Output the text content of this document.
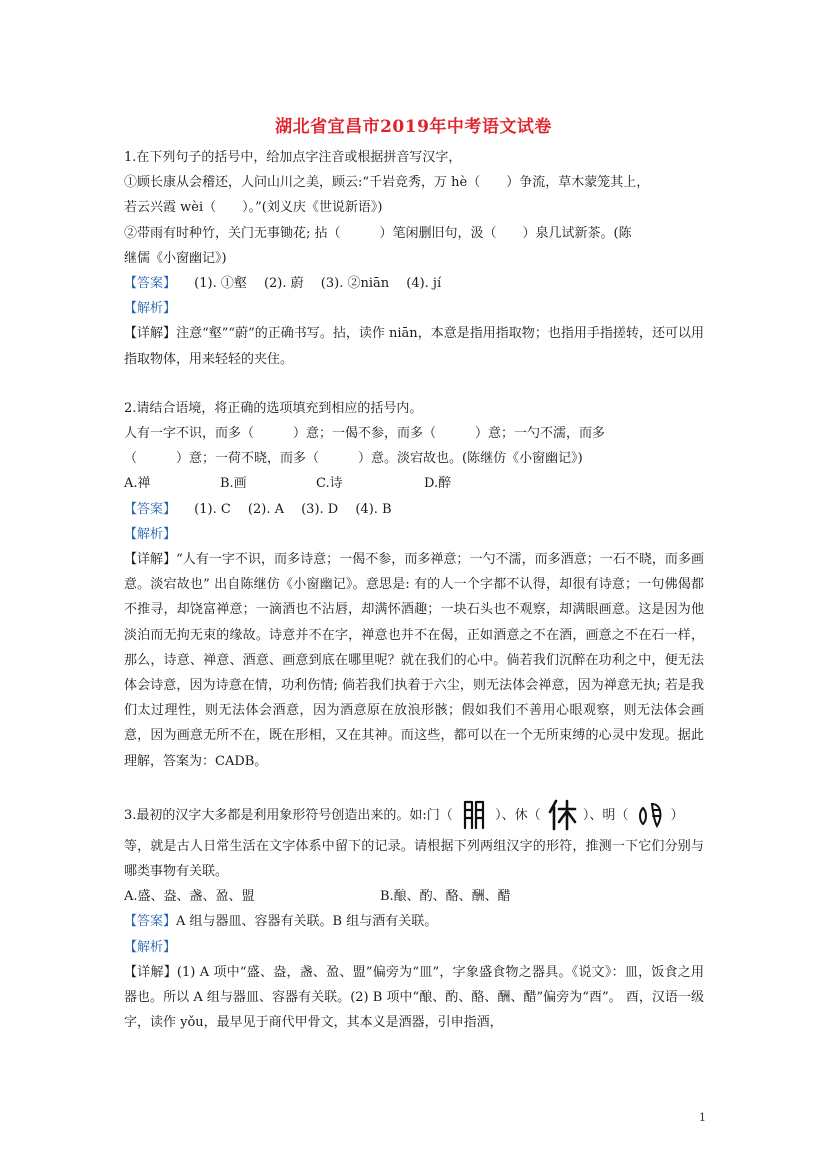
湖北省宜昌市2019年中考语文试卷

1.在下列句子的括号中，给加点字注音或根据拼音写汉字，

①顾长康从会稽还，人问山川之美，顾云:“千岩竞秀，万 hè（　　）争流，草木蒙笼其上，

若云兴霞 wèi（　　）。”(刘义庆《世说新语》)

②带雨有时种竹，关门无事锄花; 拈（　　　）笔闲删旧句，汲（　　）泉几试新茶。(陈

继儒《小窗幽记》)

【答案】 (1). ①壑　 (2). 蔚　 (3). ②niān　 (4). jí

【解析】

【详解】注意“壑”“蔚”的正确书写。拈，读作 niān，本意是指用指取物；也指用手指搓转，还可以用指取物体，用来轻轻的夹住。

2.请结合语境，将正确的选项填充到相应的括号内。

人有一字不识，而多（　　　）意；一偈不参，而多（　　　）意；一勺不濡，而多

（　　　）意；一荷不晓，而多（　　　）意。淡宕故也。(陈继仿《小窗幽记》)

A.禅	B.画	C.诗	D.醉

【答案】 (1). C　 (2). A　 (3). D　 (4). B

【解析】

【详解】“人有一字不识，而多诗意；一偈不参，而多禅意；一勺不濡，而多酒意；一石不晓，而多画意。淡宕故也” 出自陈继仿《小窗幽记》。意思是: 有的人一个字都不认得，却很有诗意；一句佛偈都不推寻，却饶富禅意；一滴酒也不沾唇，却满怀酒趣；一块石头也不观察，却满眼画意。这是因为他淡泊而无拘无束的缘故。诗意并不在字，禅意也并不在偈，正如酒意之不在酒，画意之不在石一样，那么，诗意、禅意、酒意、画意到底在哪里呢？就在我们的心中。倘若我们沉醉在功利之中，便无法体会诗意，因为诗意在情，功利伤情; 倘若我们执着于六尘，则无法体会禅意，因为禅意无执; 若是我们太过理性，则无法体会酒意，因为酒意原在放浪形骸；假如我们不善用心眼观察，则无法体会画意，因为画意无所不在，既在形相，又在其神。而这些，都可以在一个无所束缚的心灵中发现。据此理解，答案为：CADB。

3.最初的汉字大多都是利用象形符号创造出来的。如:门（	）、休（	）、明（	）

等，就是古人日常生活在文字体系中留下的记录。请根据下列两组汉字的形符，推测一下它们分别与哪类事物有关联。

A.盛、盎、盏、盈、盟	B.酿、酌、酪、酬、醋

【答案】A 组与器皿、容器有关联。B 组与酒有关联。

【解析】

【详解】(1) A 项中“盛、盎，盏、盈、盟”偏旁为“皿”，字象盛食物之器具。《说文》：皿，饭食之用器也。所以 A 组与器皿、容器有关联。(2) B 项中“酿、酌、酪、酬、醋”偏旁为“酉”。 酉，汉语一级字，读作 yǒu，最早见于商代甲骨文，其本义是酒器，引申指酒，

1
